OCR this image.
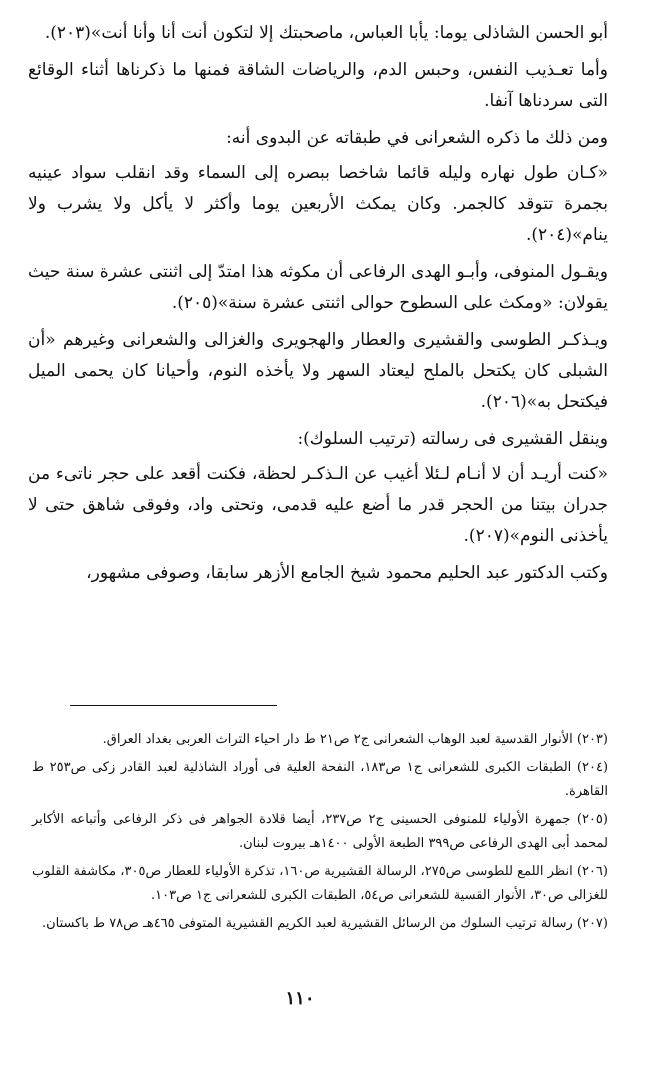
أبو الحسن الشاذلى يوما: يأبا العباس، ماصحبتك إلا لتكون أنت أنا وأنا أنت»(٢٠٣).

وأما تعـذيب النفس، وحبس الدم، والرياضات الشاقة فمنها ما ذكرناها أثناء الوقائع التى سردناها آنفا.

ومن ذلك ما ذكره الشعرانى في طبقاته عن البدوى أنه:

«كـان طول نهاره وليله قائما شاخصا ببصره إلى السماء وقد انقلب سواد عينيه بجمرة تتوقد كالجمر. وكان يمكث الأربعين يوما وأكثر لا يأكل ولا يشرب ولا ينام»(٢٠٤).

ويقـول المنوفى، وأبـو الهدى الرفاعى أن مكوثه هذا امتدّ إلى اثنتى عشرة سنة حيث يقولان: «ومكث على السطوح حوالى اثنتى عشرة سنة»(٢٠٥).

ويـذكـر الطوسى والقشيرى والعطار والهجويرى والغزالى والشعرانى وغيرهم «أن الشبلى كان يكتحل بالملح ليعتاد السهر ولا يأخذه النوم، وأحيانا كان يحمى الميل فيكتحل به»(٢٠٦).

وينقل القشيرى فى رسالته (ترتيب السلوك):

«كنت أريـد أن لا أنـام لـئلا أغيب عن الـذكـر لحظة، فكنت أقعد على حجر ناتىء من جدران بيتنا من الحجر قدر ما أضع عليه قدمى، وتحتى واد، وفوقى شاهق حتى لا يأخذنى النوم»(٢٠٧).

وكتب الدكتور عبد الحليم محمود شيخ الجامع الأزهر سابقا، وصوفى مشهور،

(٢٠٣) الأنوار القدسية لعبد الوهاب الشعرانى ج٢ ص٢١ ط دار احياء التراث العربى بغداد العراق.
(٢٠٤) الطبقات الكبرى للشعرانى ج١ ص١٨٣، النفحة العلية فى أوراد الشاذلية لعبد القادر زكى ص٢٥٣ ط القاهرة.
(٢٠٥) جمهرة الأولياء للمنوفى الحسينى ج٢ ص٢٣٧، أيضا قلادة الجواهر فى ذكر الرفاعى وأتباعه الأكابر لمحمد أبى الهدى الرفاعى ص٣٩٩ الطبعة الأولى ١٤٠٠هـ بيروت لبنان.
(٢٠٦) انظر اللمع للطوسى ص٢٧٥، الرسالة القشيرية ص١٦٠، تذكرة الأولياء للعطار ص٣٠٥، مكاشفة القلوب للغزالى ص٣٠، الأنوار القسية للشعرانى ص٥٤، الطبقات الكبرى للشعرانى ج١ ص١٠٣.
(٢٠٧) رسالة ترتيب السلوك من الرسائل القشيرية لعبد الكريم القشيرية المتوفى ٤٦٥هـ ص٧٨ ط باكستان.
١١٠
